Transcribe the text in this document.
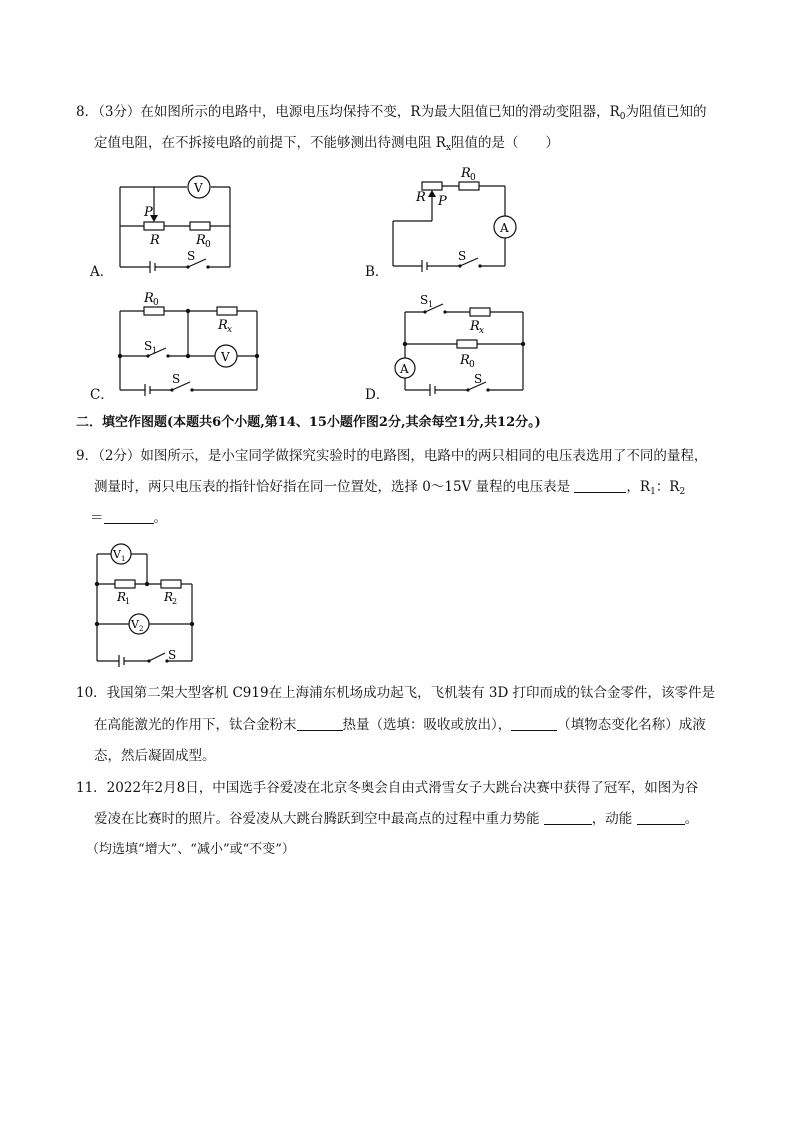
8．（3分）在如图所示的电路中，电源电压均保持不变，R为最大阻值已知的滑动变阻器，$R_0$为阻值已知的
定值电阻，在不拆接电路的前提下，不能够测出待测电阻 $R_x$阻值的是（　　）
A．
V
P
R	R 0
S
B．
R 0
R P
A
S
C．
R 0
R x
S 1	V
S
D．
S 1
R x
R 0
A
S
二．填空作图题(本题共6个小题,第14、15小题作图2分,其余每空1分,共12分。)
9．（2分）如图所示，是小宝同学做探究实验时的电路图，电路中的两只相同的电压表选用了不同的量程，
测量时，两只电压表的指针恰好指在同一位置处，选择 0～15V 量程的电压表是	，$R_1$：$R_2$
＝	。
V 1
R
1	R
2
V 2
S
10．我国第二架大型客机 C919在上海浦东机场成功起飞，飞机装有 3D 打印而成的钛合金零件，该零件是
在高能激光的作用下，钛合金粉末	热量（选填：吸收或放出），	（填物态变化名称）成液
态，然后凝固成型。
11．2022年2月8日，中国选手谷爱凌在北京冬奥会自由式滑雪女子大跳台决赛中获得了冠军，如图为谷
爱凌在比赛时的照片。谷爱凌从大跳台腾跃到空中最高点的过程中重力势能	，动能	。
（均选填“增大”、“减小”或“不变”）
